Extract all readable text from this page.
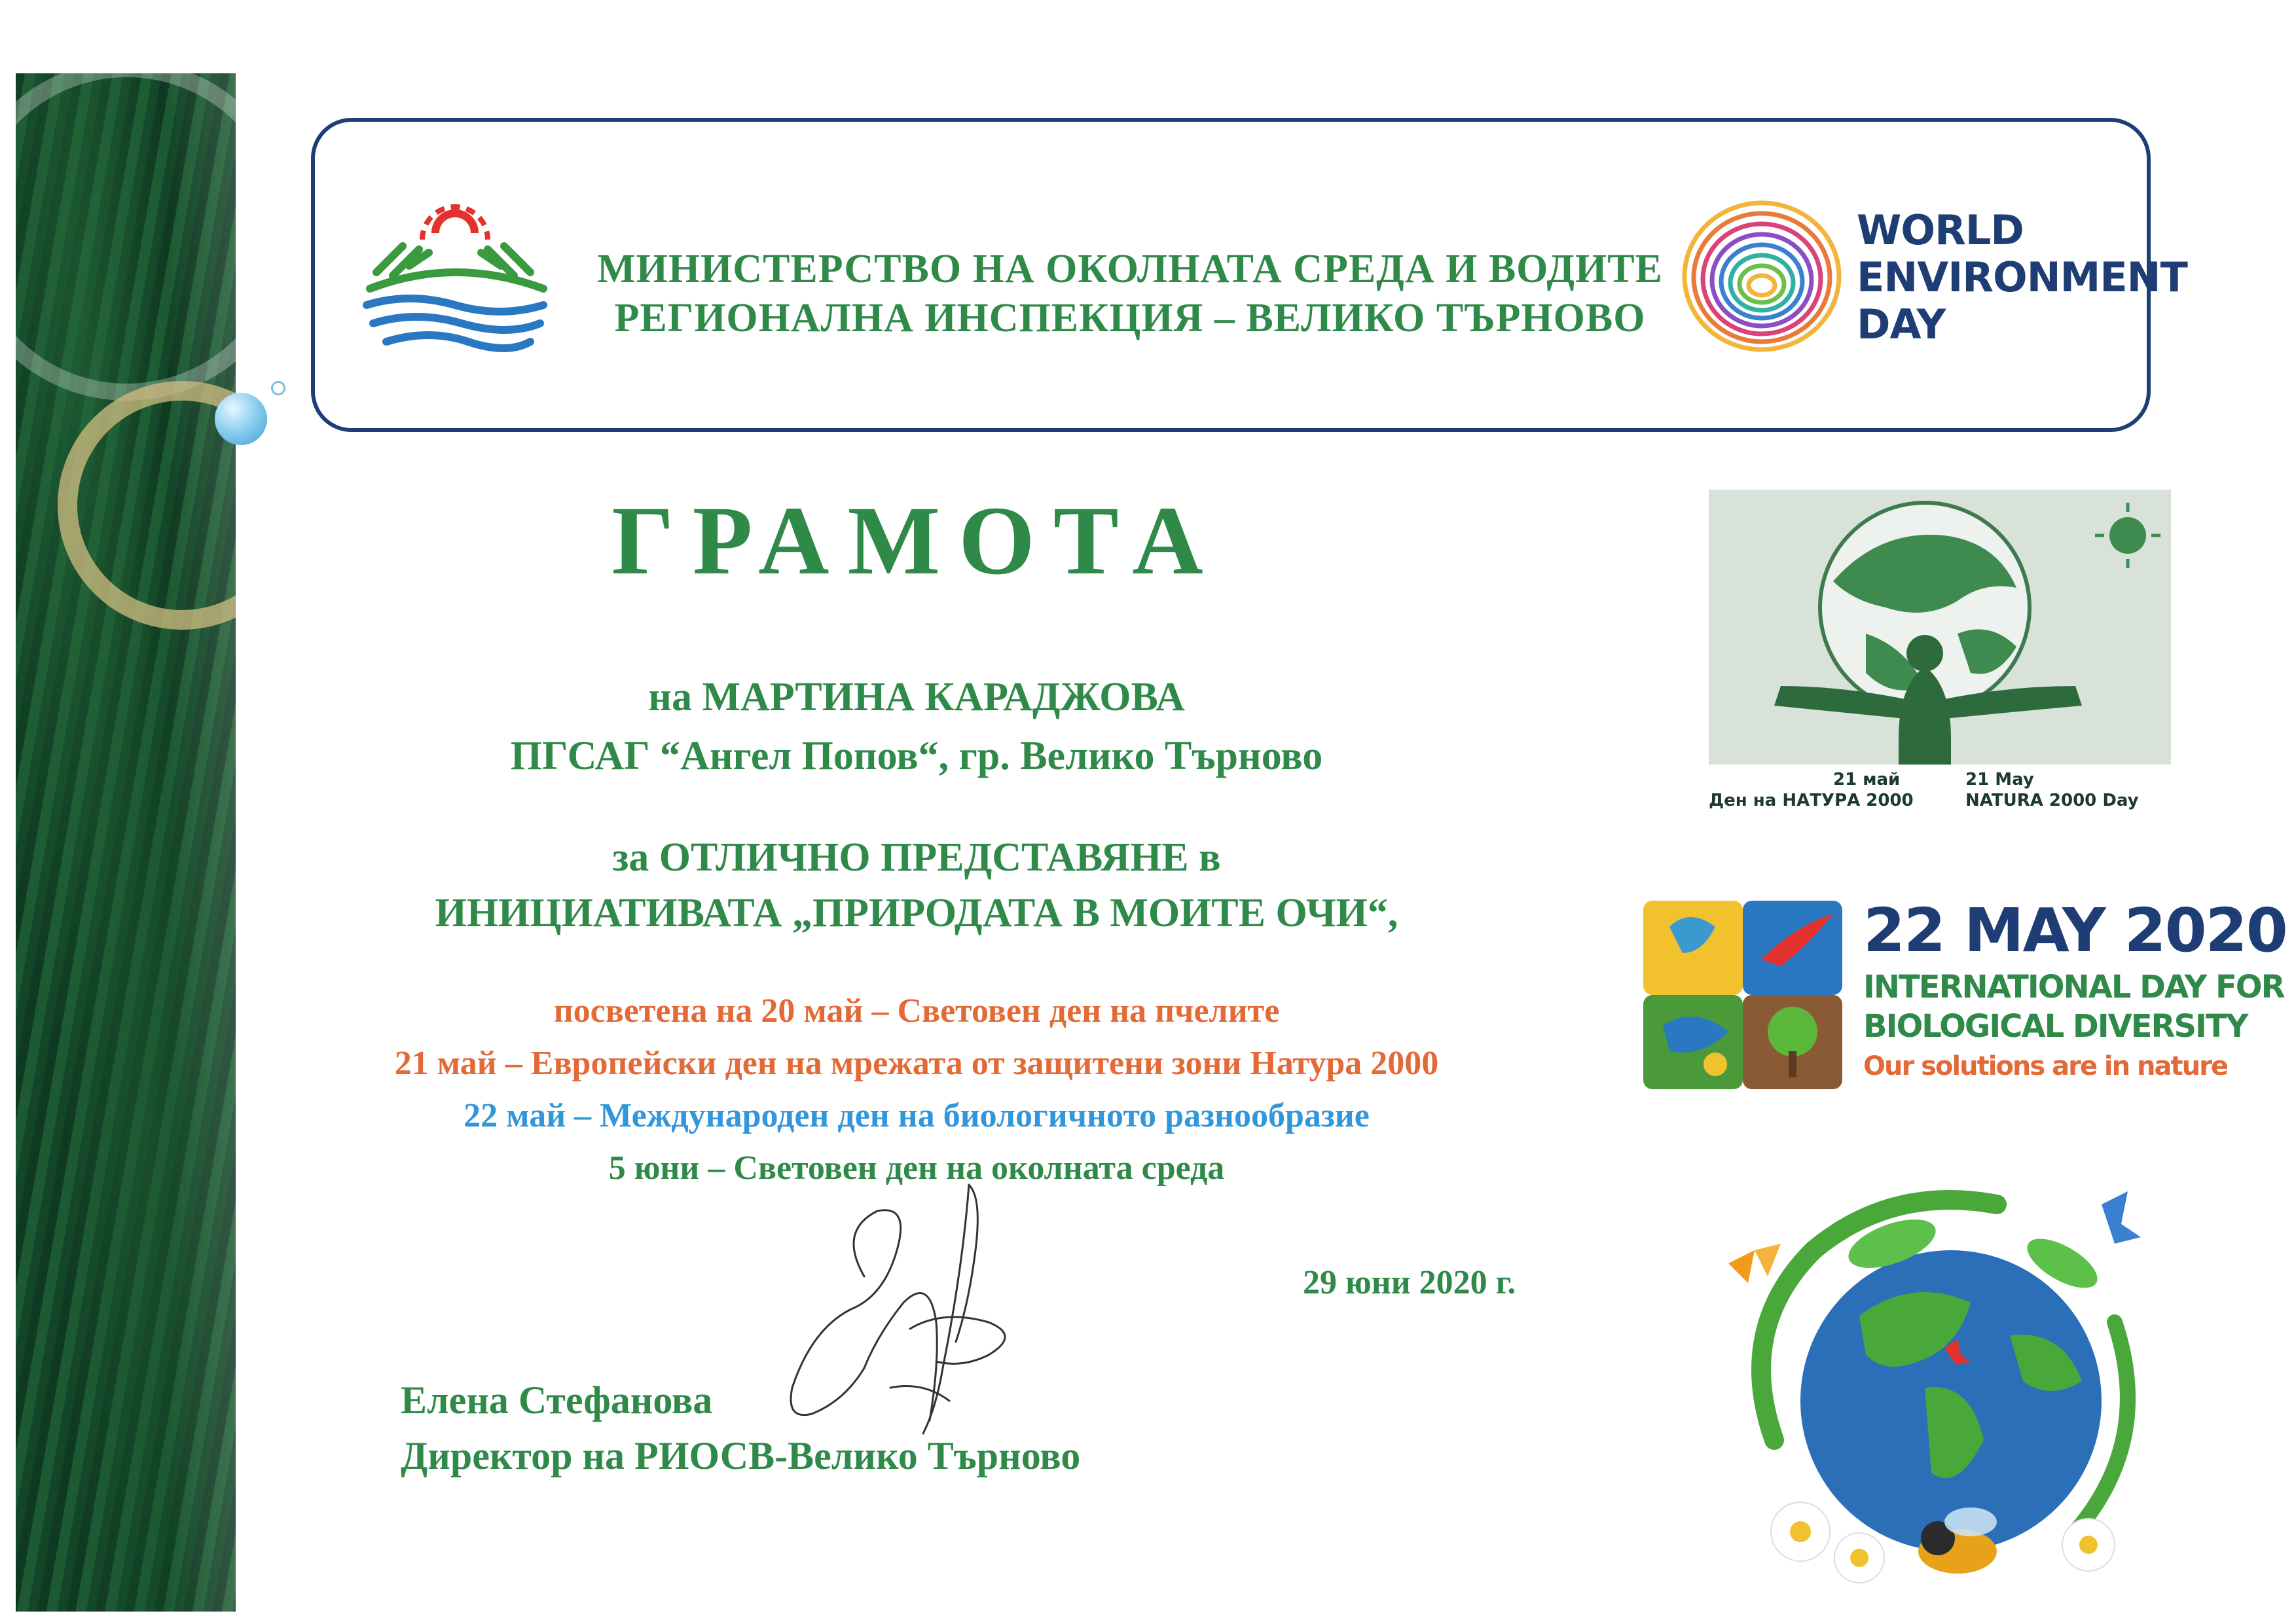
МИНИСТЕРСТВО НА ОКОЛНАТА СРЕДА И ВОДИТЕ
РЕГИОНАЛНА ИНСПЕКЦИЯ – ВЕЛИКО ТЪРНОВО
WORLD
ENVIRONMENT
DAY
ГРАМОТА
на МАРТИНА КАРАДЖОВА
ПГСАГ “Ангел Попов“, гр. Велико Търново
за ОТЛИЧНО ПРЕДСТАВЯНЕ в
ИНИЦИАТИВАТА „ПРИРОДАТА В МОИТЕ ОЧИ“,
посветена на 20 май – Световен ден на пчелите
21 май – Европейски ден на мрежата от защитени зони Натура 2000
22 май – Международен ден на биологичното разнообразие
5 юни – Световен ден на околната среда
29 юни 2020 г.
Елена Стефанова
Директор на РИОСВ-Велико Търново
21 май
Ден на НАТУРА 2000
21 May
NATURA 2000 Day
22 MAY 2020
INTERNATIONAL DAY FOR
BIOLOGICAL DIVERSITY
Our solutions are in nature
